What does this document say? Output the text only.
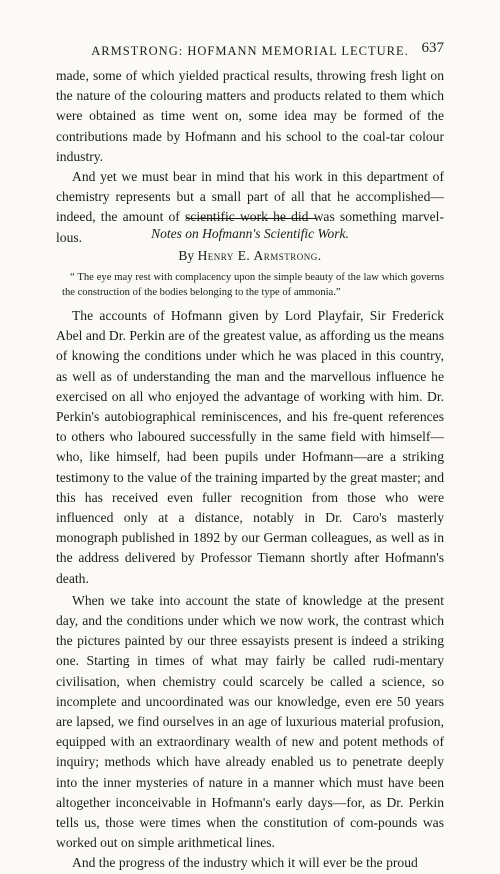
ARMSTRONG: HOFMANN MEMORIAL LECTURE. 637

made, some of which yielded practical results, throwing fresh light on the nature of the colouring matters and products related to them which were obtained as time went on, some idea may be formed of the contributions made by Hofmann and his school to the coal-tar colour industry.

And yet we must bear in mind that his work in this department of chemistry represents but a small part of all that he accomplished—indeed, the amount of scientific work he did was something marvel-lous.	Notes on Hofmann's Scientific Work.
By Henry E. Armstrong.

“ The eye may rest with complacency upon the simple beauty of the law which governs the construction of the bodies belonging to the type of ammonia.”

The accounts of Hofmann given by Lord Playfair, Sir Frederick Abel and Dr. Perkin are of the greatest value, as affording us the means of knowing the conditions under which he was placed in this country, as well as of understanding the man and the marvellous influence he exercised on all who enjoyed the advantage of working with him. Dr. Perkin's autobiographical reminiscences, and his fre-quent references to others who laboured successfully in the same field with himself—who, like himself, had been pupils under Hofmann—are a striking testimony to the value of the training imparted by the great master; and this has received even fuller recognition from those who were influenced only at a distance, notably in Dr. Caro's masterly monograph published in 1892 by our German colleagues, as well as in the address delivered by Professor Tiemann shortly after Hofmann's death.

When we take into account the state of knowledge at the present day, and the conditions under which we now work, the contrast which the pictures painted by our three essayists present is indeed a striking one. Starting in times of what may fairly be called rudi-mentary civilisation, when chemistry could scarcely be called a science, so incomplete and uncoordinated was our knowledge, even ere 50 years are lapsed, we find ourselves in an age of luxurious material profusion, equipped with an extraordinary wealth of new and potent methods of inquiry; methods which have already enabled us to penetrate deeply into the inner mysteries of nature in a manner which must have been altogether inconceivable in Hofmann's early days—for, as Dr. Perkin tells us, those were times when the constitution of com-pounds was worked out on simple arithmetical lines.

And the progress of the industry which it will ever be the proud
